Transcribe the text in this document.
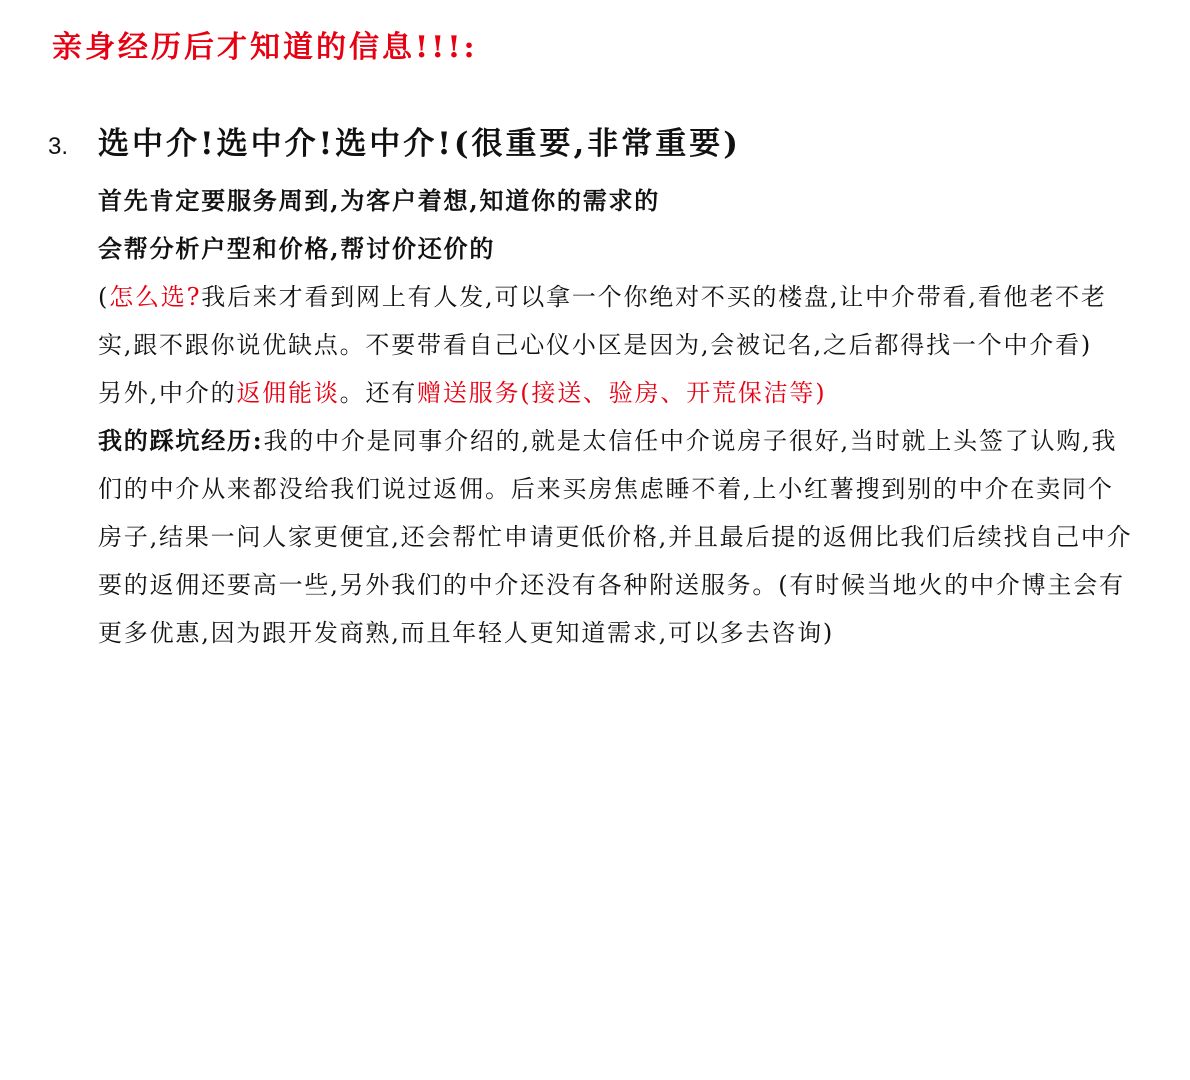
亲身经历后才知道的信息!!!:
3. 选中介!选中介!选中介!(很重要,非常重要)

首先肯定要服务周到,为客户着想,知道你的需求的

会帮分析户型和价格,帮讨价还价的

(怎么选?我后来才看到网上有人发,可以拿一个你绝对不买的楼盘,让中介带看,看他老不老实,跟不跟你说优缺点。不要带看自己心仪小区是因为,会被记名,之后都得找一个中介看)

另外,中介的返佣能谈。还有赠送服务(接送、验房、开荒保洁等)

我的踩坑经历:我的中介是同事介绍的,就是太信任中介说房子很好,当时就上头签了认购,我们的中介从来都没给我们说过返佣。后来买房焦虑睡不着,上小红薯搜到别的中介在卖同个房子,结果一问人家更便宜,还会帮忙申请更低价格,并且最后提的返佣比我们后续找自己中介要的返佣还要高一些,另外我们的中介还没有各种附送服务。(有时候当地火的中介博主会有更多优惠,因为跟开发商熟,而且年轻人更知道需求,可以多去咨询)
